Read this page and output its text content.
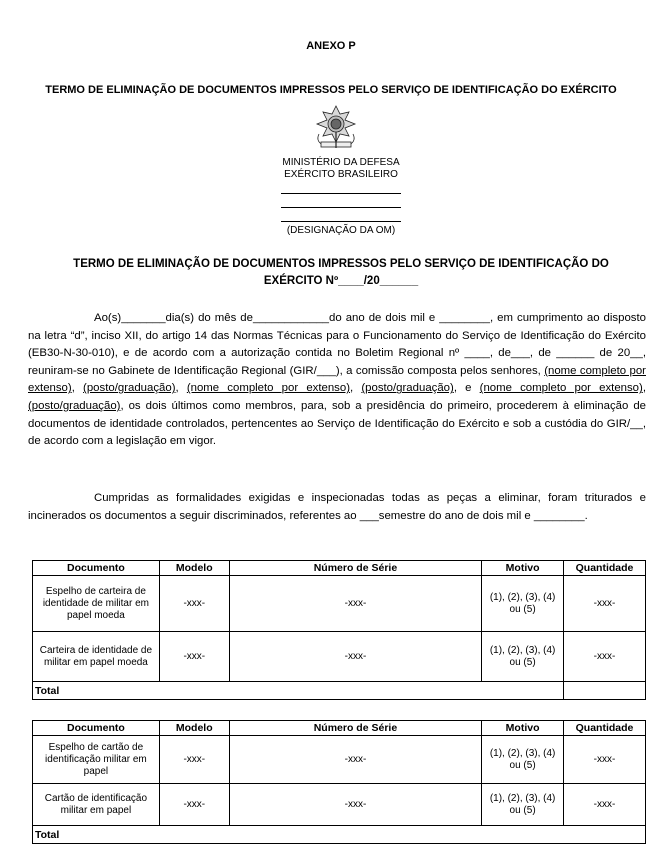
ANEXO P
TERMO DE ELIMINAÇÃO DE DOCUMENTOS IMPRESSOS PELO SERVIÇO DE IDENTIFICAÇÃO DO EXÉRCITO
MINISTÉRIO DA DEFESA
EXÉRCITO BRASILEIRO
(DESIGNAÇÃO DA OM)
TERMO DE ELIMINAÇÃO DE DOCUMENTOS IMPRESSOS PELO SERVIÇO DE IDENTIFICAÇÃO DO
EXÉRCITO Nº____/20______
Ao(s)_______dia(s) do mês de____________do ano de dois mil e ________, em cumprimento ao disposto na letra “d”, inciso XII, do artigo 14 das Normas Técnicas para o Funcionamento do Serviço de Identificação do Exército (EB30-N-30-010), e de acordo com a autorização contida no Boletim Regional nº ____, de___, de ______ de 20__, reuniram-se no Gabinete de Identificação Regional (GIR/___), a comissão composta pelos senhores, (nome completo por extenso), (posto/graduação), (nome completo por extenso), (posto/graduação), e (nome completo por extenso), (posto/graduação), os dois últimos como membros, para, sob a presidência do primeiro, procederem à eliminação de documentos de identidade controlados, pertencentes ao Serviço de Identificação do Exército e sob a custódia do GIR/__, de acordo com a legislação em vigor.
Cumpridas as formalidades exigidas e inspecionadas todas as peças a eliminar, foram triturados e incinerados os documentos a seguir discriminados, referentes ao ___semestre do ano de dois mil e ________.
Documento	Modelo	Número de Série	Motivo	Quantidade
Espelho de carteira de identidade de militar em papel moeda	-xxx-	-xxx-	(1), (2), (3), (4) ou (5)	-xxx-
Carteira de identidade de militar em papel moeda	-xxx-	-xxx-	(1), (2), (3), (4) ou (5)	-xxx-
Total				
Documento	Modelo	Número de Série	Motivo	Quantidade
Espelho de cartão de identificação militar em papel	-xxx-	-xxx-	(1), (2), (3), (4) ou (5)	-xxx-
Cartão de identificação militar em papel	-xxx-	-xxx-	(1), (2), (3), (4) ou (5)	-xxx-
Total				
